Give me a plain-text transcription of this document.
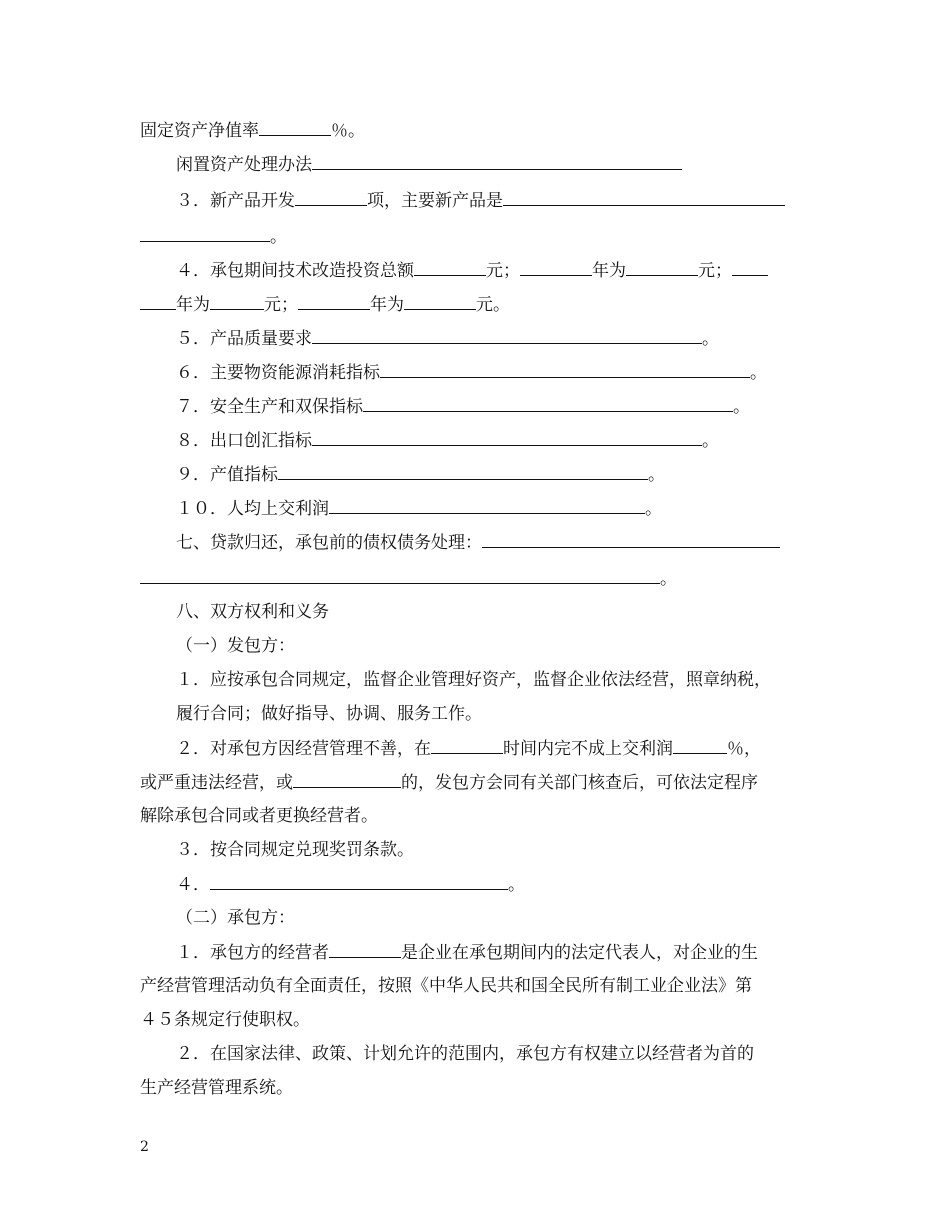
固定资产净值率	％。
闲置资产处理办法
３．新产品开发	项，主要新产品是
。
４．承包期间技术改造投资总额	元；	年为	元；
年为	元；	年为	元。
５．产品质量要求	。
６．主要物资能源消耗指标	。
７．安全生产和双保指标	。
８．出口创汇指标	。
９．产值指标	。
１０．人均上交利润	。
七、贷款归还，承包前的债权债务处理：
。
八、双方权利和义务
（一）发包方：
１．应按承包合同规定，监督企业管理好资产，监督企业依法经营，照章纳税，
履行合同；做好指导、协调、服务工作。
２．对承包方因经营管理不善，在	时间内完不成上交利润	％，
或严重违法经营，或	的，发包方会同有关部门核查后，可依法定程序
解除承包合同或者更换经营者。
３．按合同规定兑现奖罚条款。
４．	。
（二）承包方：
１．承包方的经营者	是企业在承包期间内的法定代表人，对企业的生
产经营管理活动负有全面责任，按照《中华人民共和国全民所有制工业企业法》第
４５条规定行使职权。
２．在国家法律、政策、计划允许的范围内，承包方有权建立以经营者为首的
生产经营管理系统。
2
